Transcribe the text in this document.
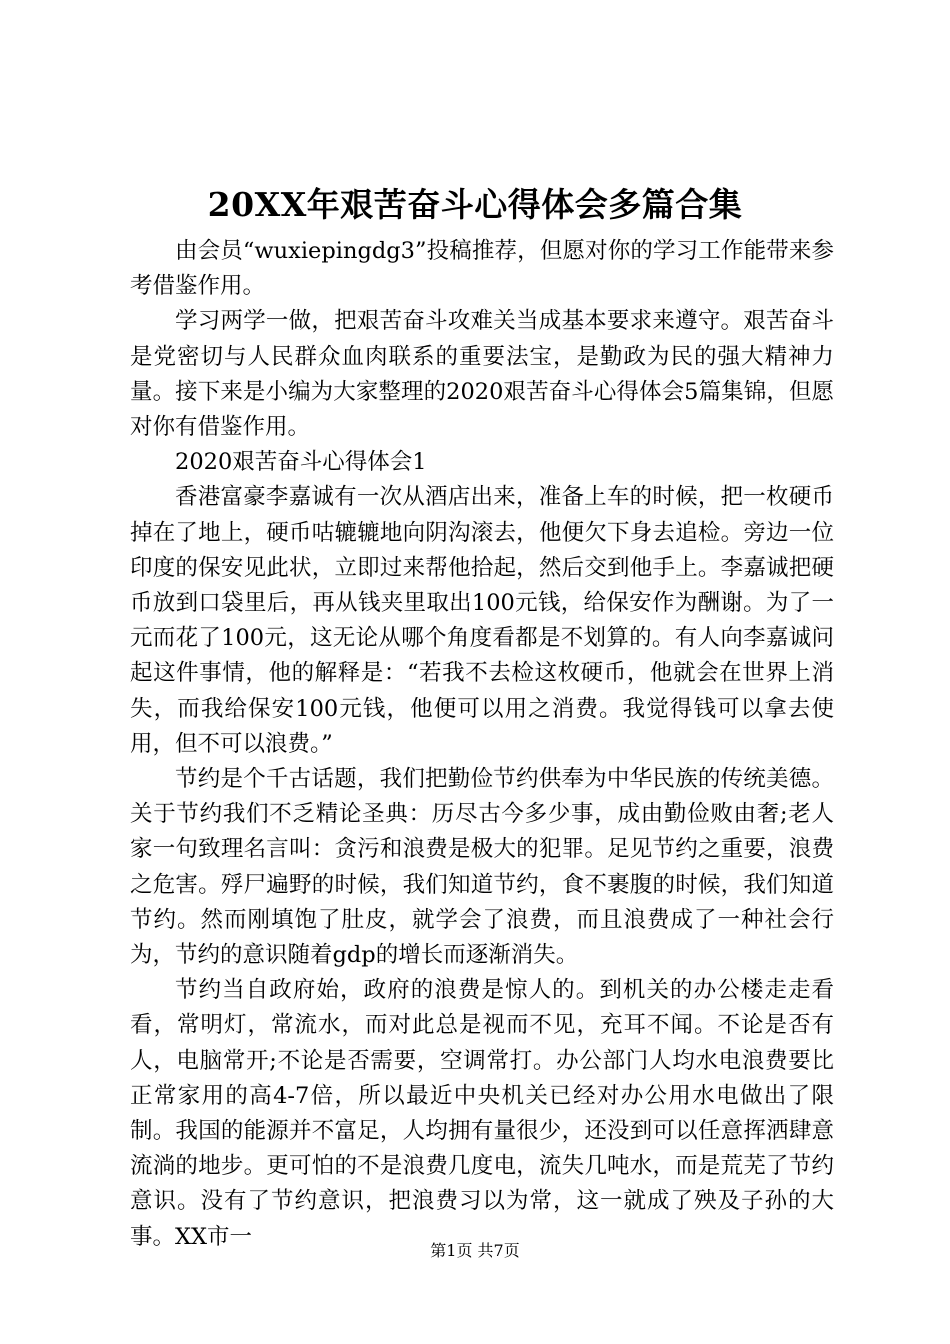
20XX年艰苦奋斗心得体会多篇合集

由会员“wuxiepingdg3”投稿推荐，但愿对你的学习工作能带来参考借鉴作用。

学习两学一做，把艰苦奋斗攻难关当成基本要求来遵守。艰苦奋斗是党密切与人民群众血肉联系的重要法宝，是勤政为民的强大精神力量。接下来是小编为大家整理的2020艰苦奋斗心得体会5篇集锦，但愿对你有借鉴作用。

2020艰苦奋斗心得体会1

香港富豪李嘉诚有一次从酒店出来，准备上车的时候，把一枚硬币掉在了地上，硬币咕辘辘地向阴沟滚去，他便欠下身去追检。旁边一位印度的保安见此状，立即过来帮他拾起，然后交到他手上。李嘉诚把硬币放到口袋里后，再从钱夹里取出100元钱，给保安作为酬谢。为了一元而花了100元，这无论从哪个角度看都是不划算的。有人向李嘉诚问起这件事情，他的解释是：“若我不去检这枚硬币，他就会在世界上消失，而我给保安100元钱，他便可以用之消费。我觉得钱可以拿去使用，但不可以浪费。”

节约是个千古话题，我们把勤俭节约供奉为中华民族的传统美德。关于节约我们不乏精论圣典：历尽古今多少事，成由勤俭败由奢;老人家一句致理名言叫：贪污和浪费是极大的犯罪。足见节约之重要，浪费之危害。殍尸遍野的时候，我们知道节约，食不裹腹的时候，我们知道节约。然而刚填饱了肚皮，就学会了浪费，而且浪费成了一种社会行为，节约的意识随着gdp的增长而逐渐消失。

节约当自政府始，政府的浪费是惊人的。到机关的办公楼走走看看，常明灯，常流水，而对此总是视而不见，充耳不闻。不论是否有人，电脑常开;不论是否需要，空调常打。办公部门人均水电浪费要比正常家用的高4-7倍，所以最近中央机关已经对办公用水电做出了限制。我国的能源并不富足，人均拥有量很少，还没到可以任意挥洒肆意流淌的地步。更可怕的不是浪费几度电，流失几吨水，而是荒芜了节约意识。没有了节约意识，把浪费习以为常，这一就成了殃及子孙的大事。XX市一

第1页 共7页
